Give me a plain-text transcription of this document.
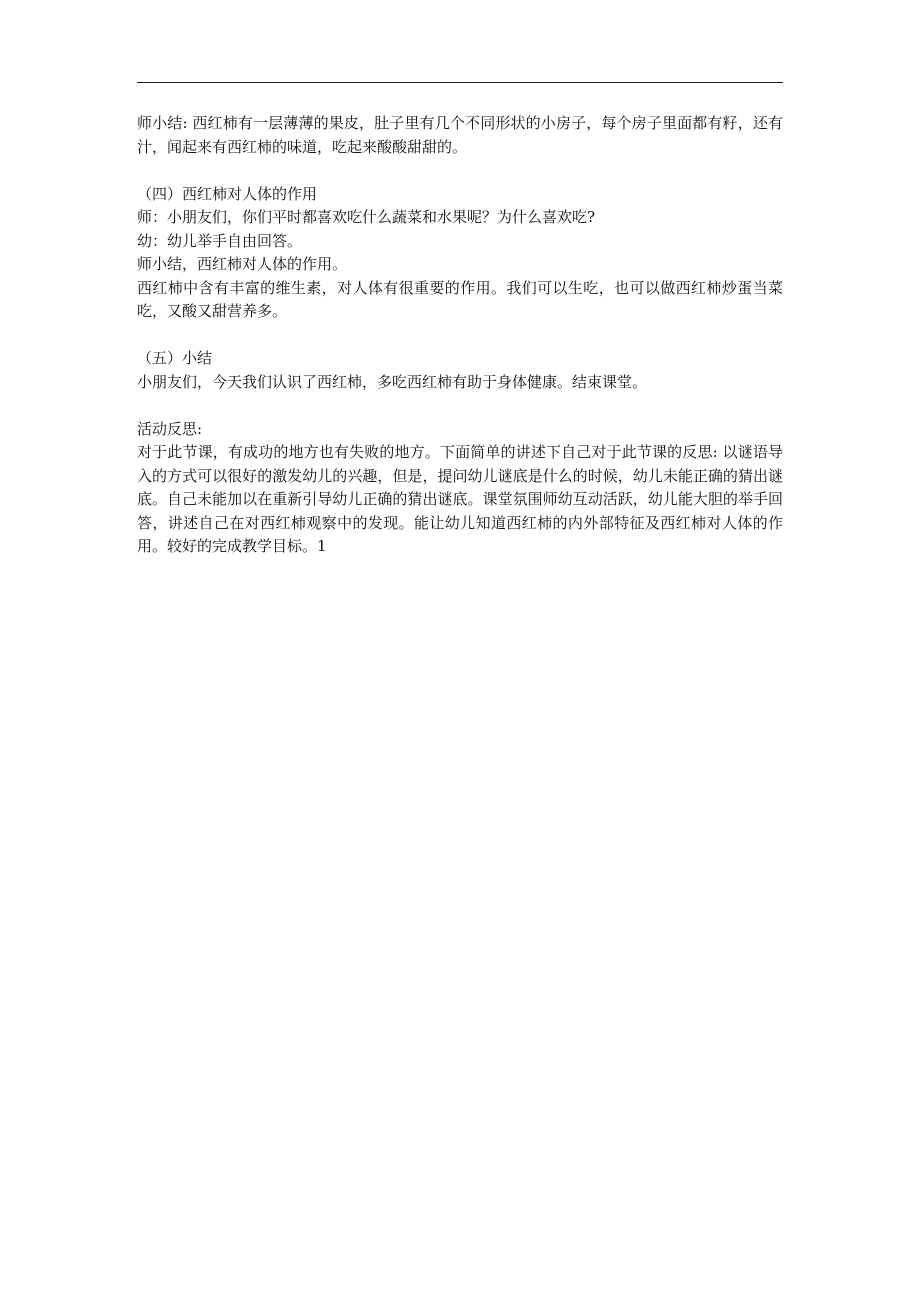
师小结: 西红柿有一层薄薄的果皮，肚子里有几个不同形状的小房子，每个房子里面都有籽，还有汁，闻起来有西红柿的味道，吃起来酸酸甜甜的。

（四）西红柿对人体的作用

师：小朋友们，你们平时都喜欢吃什么蔬菜和水果呢？为什么喜欢吃?

幼：幼儿举手自由回答。

师小结，西红柿对人体的作用。

西红柿中含有丰富的维生素，对人体有很重要的作用。我们可以生吃，也可以做西红柿炒蛋当菜吃，又酸又甜营养多。

（五）小结

小朋友们，今天我们认识了西红柿，多吃西红柿有助于身体健康。结束课堂。

活动反思:

对于此节课，有成功的地方也有失败的地方。下面简单的讲述下自己对于此节课的反思: 以谜语导入的方式可以很好的激发幼儿的兴趣，但是，提问幼儿谜底是什么的时候，幼儿未能正确的猜出谜底。自己未能加以在重新引导幼儿正确的猜出谜底。课堂氛围师幼互动活跃，幼儿能大胆的举手回答，讲述自己在对西红柿观察中的发现。能让幼儿知道西红柿的内外部特征及西红柿对人体的作用。较好的完成教学目标。1
